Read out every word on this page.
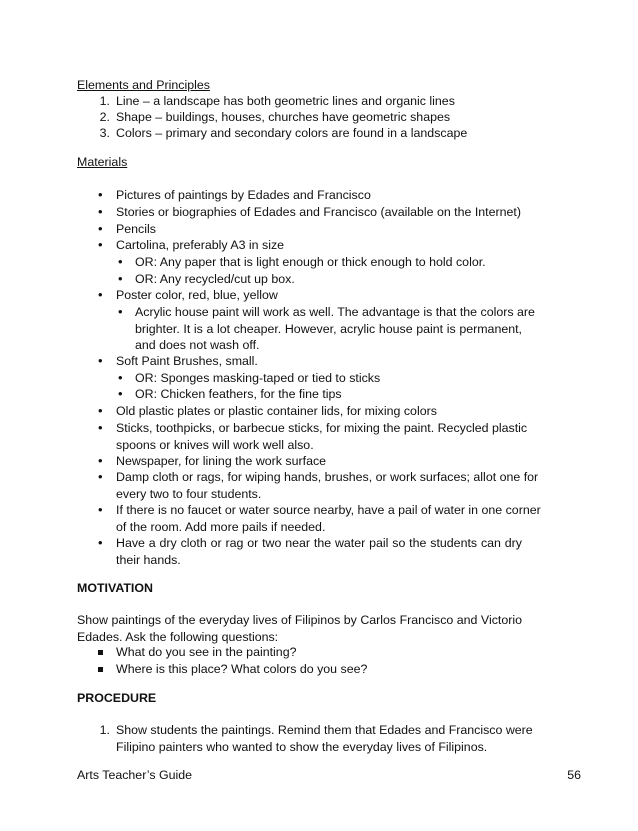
Elements and Principles
1. Line – a landscape has both geometric lines and organic lines
2. Shape – buildings, houses, churches have geometric shapes
3. Colors – primary and secondary colors are found in a landscape
Materials
• Pictures of paintings by Edades and Francisco
• Stories or biographies of Edades and Francisco (available on the Internet)
• Pencils
• Cartolina, preferably A3 in size
• OR: Any paper that is light enough or thick enough to hold color.
• OR: Any recycled/cut up box.
• Poster color, red, blue, yellow
• Acrylic house paint will work as well. The advantage is that the colors are
brighter. It is a lot cheaper. However, acrylic house paint is permanent,
and does not wash off.
• Soft Paint Brushes, small.
• OR: Sponges masking-taped or tied to sticks
• OR: Chicken feathers, for the fine tips
• Old plastic plates or plastic container lids, for mixing colors
• Sticks, toothpicks, or barbecue sticks, for mixing the paint. Recycled plastic
spoons or knives will work well also.
• Newspaper, for lining the work surface
• Damp cloth or rags, for wiping hands, brushes, or work surfaces; allot one for
every two to four students.
• If there is no faucet or water source nearby, have a pail of water in one corner
of the room. Add more pails if needed.
• Have a dry cloth or rag or two near the water pail so the students can dry
their hands.
MOTIVATION
Show paintings of the everyday lives of Filipinos by Carlos Francisco and Victorio
Edades. Ask the following questions:
What do you see in the painting?
Where is this place? What colors do you see?
PROCEDURE
1. Show students the paintings. Remind them that Edades and Francisco were
Filipino painters who wanted to show the everyday lives of Filipinos.
Arts Teacher’s Guide	56
